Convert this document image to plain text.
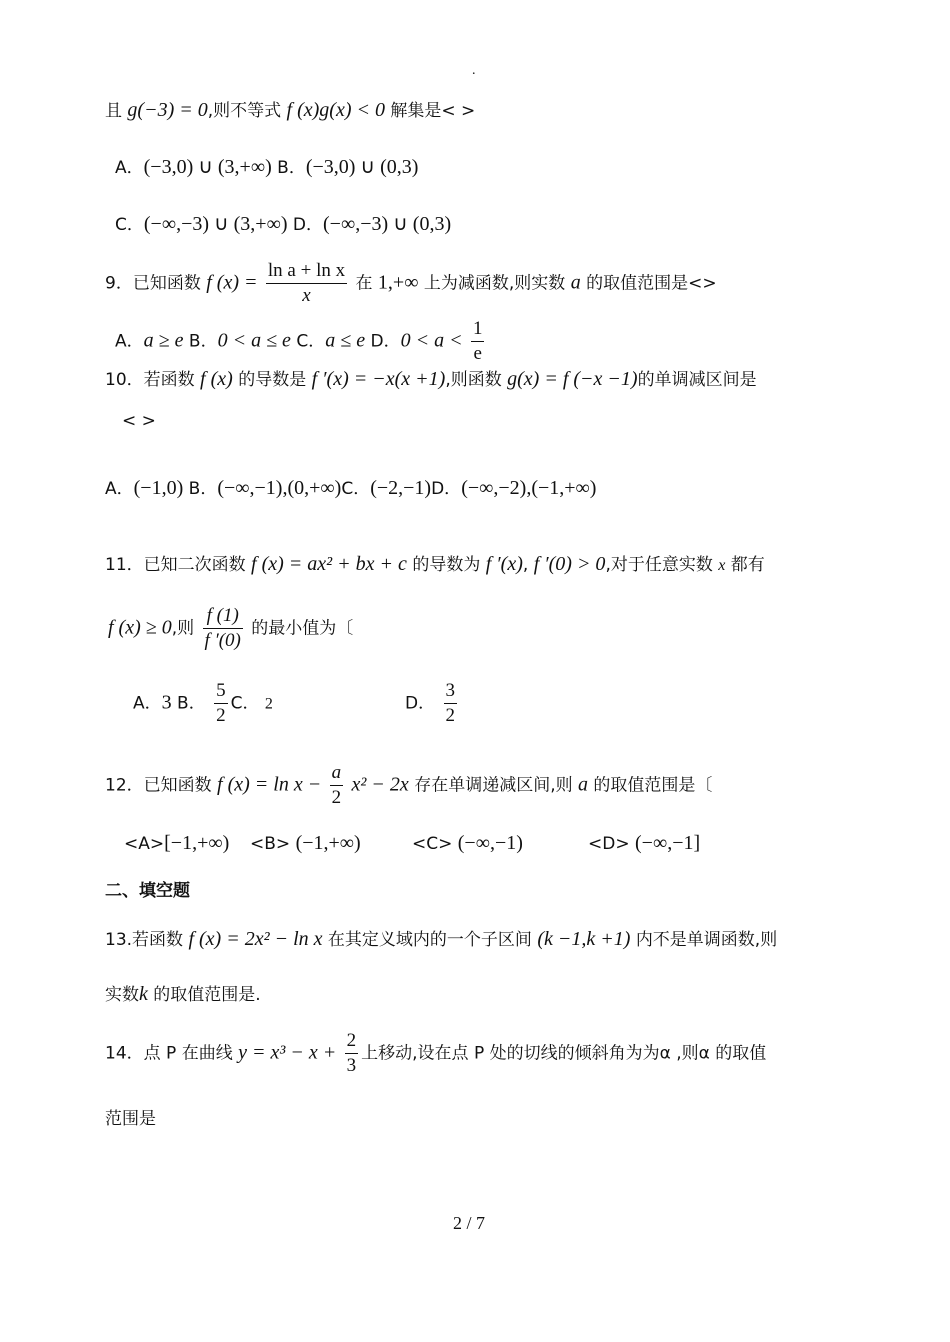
.
且 g(−3) = 0,则不等式 f (x)g(x) < 0 解集是< >
A．(−3,0) ∪ (3,+∞) B．(−3,0) ∪ (0,3)
C．(−∞,−3) ∪ (3,+∞) D．(−∞,−3) ∪ (0,3)
9．已知函数 f $(x) = \frac{\text{ln a + ln x}}{x}$ 在 1,+∞ 上为减函数,则实数 a 的取值范围是<>
A．a ≥ e B．0 < a ≤ e C．a ≤ e D．$0 < a < \frac{1}{e}$
10．若函数 f (x) 的导数是 f ′(x) = −x(x +1),则函数 g(x) = f (−x −1)的单调减区间是
< >
A．(−1,0) B．(−∞,−1),(0,+∞)C．(−2,−1)D．(−∞,−2),(−1,+∞)
11．已知二次函数 f (x) = ax² + bx + c 的导数为 f ′(x), f ′(0) > 0,对于任意实数 x 都有
f (x) ≥ 0,则 $\frac{f (1)}{f '(0)}$ 的最小值为〔
A．3 B． $\frac{5}{2}$ C． 2	D． $\frac{3}{2}$
12．已知函数 f $(x) = \ln x - \frac{a}{2} x^2 - 2x$ 存在单调递减区间,则 a 的取值范围是〔
<A>[−1,+∞) <B> (−1,+∞)	<C> (−∞,−1)	<D> (−∞,−1]
二、填空题
13.若函数 f (x) = 2x² − ln x 在其定义域内的一个子区间 (k −1,k +1) 内不是单调函数,则
实数k 的取值范围是.
14．点 P 在曲线 $y = x^3 - x + \frac{2}{3}$ 上移动,设在点 P 处的切线的倾斜角为为α ,则α 的取值
范围是
2 / 7
